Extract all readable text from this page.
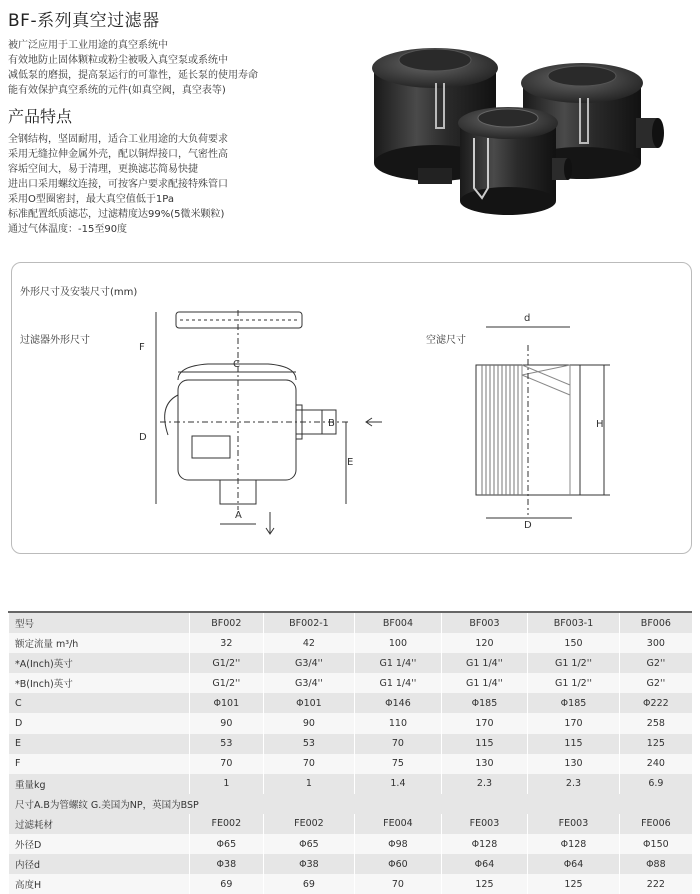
BF-系列真空过滤器
被广泛应用于工业用途的真空系统中
有效地防止固体颗粒或粉尘被吸入真空泵或系统中
减低泵的磨损，提高泵运行的可靠性，延长泵的使用寿命
能有效保护真空系统的元件(如真空阀，真空表等)
产品特点
全钢结构，坚固耐用，适合工业用途的大负荷要求
采用无缝拉伸金属外壳，配以铜焊接口，气密性高
容垢空间大，易于清理，更换滤芯简易快捷
进出口采用螺纹连接，可按客户要求配接特殊管口
采用O型圈密封，最大真空值低于1Pa
标准配置纸质滤芯，过滤精度达99%(5微米颗粒)
通过气体温度：-15至90度
外形尺寸及安装尺寸(mm)
过滤器外形尺寸	空滤尺寸
F
C
D
B
E
A
d
H
D
型号	BF002	BF002-1	BF004	BF003	BF003-1	BF006
额定流量 m³/h	32	42	100	120	150	300
*A(Inch)英寸	G1/2''	G3/4''	G1 1/4''	G1 1/4''	G1 1/2''	G2''
*B(Inch)英寸	G1/2''	G3/4''	G1 1/4''	G1 1/4''	G1 1/2''	G2''
C	Φ101	Φ101	Φ146	Φ185	Φ185	Φ222
D	90	90	110	170	170	258
E	53	53	70	115	115	125
F	70	70	75	130	130	240
重量kg	1	1	1.4	2.3	2.3	6.9
尺寸A.B为管螺纹 G.美国为NP，英国为BSP						
过滤耗材	FE002	FE002	FE004	FE003	FE003	FE006
外径D	Φ65	Φ65	Φ98	Φ128	Φ128	Φ150
内径d	Φ38	Φ38	Φ60	Φ64	Φ64	Φ88
高度H	69	69	70	125	125	222
